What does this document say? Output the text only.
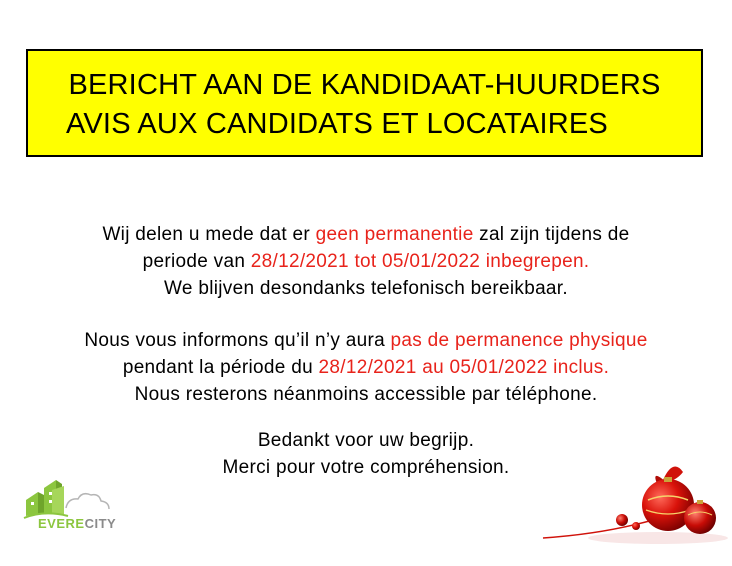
BERICHT AAN DE KANDIDAAT-HUURDERS
AVIS AUX CANDIDATS ET LOCATAIRES
Wij delen u mede dat er geen permanentie zal zijn tijdens de
periode van 28/12/2021 tot 05/01/2022 inbegrepen.
We blijven desondanks telefonisch bereikbaar.
Nous vous informons qu’il n’y aura pas de permanence physique
pendant la période du 28/12/2021 au 05/01/2022 inclus.
Nous resterons néanmoins accessible par téléphone.
Bedankt voor uw begrijp.
Merci pour votre compréhension.
EVERECITY
